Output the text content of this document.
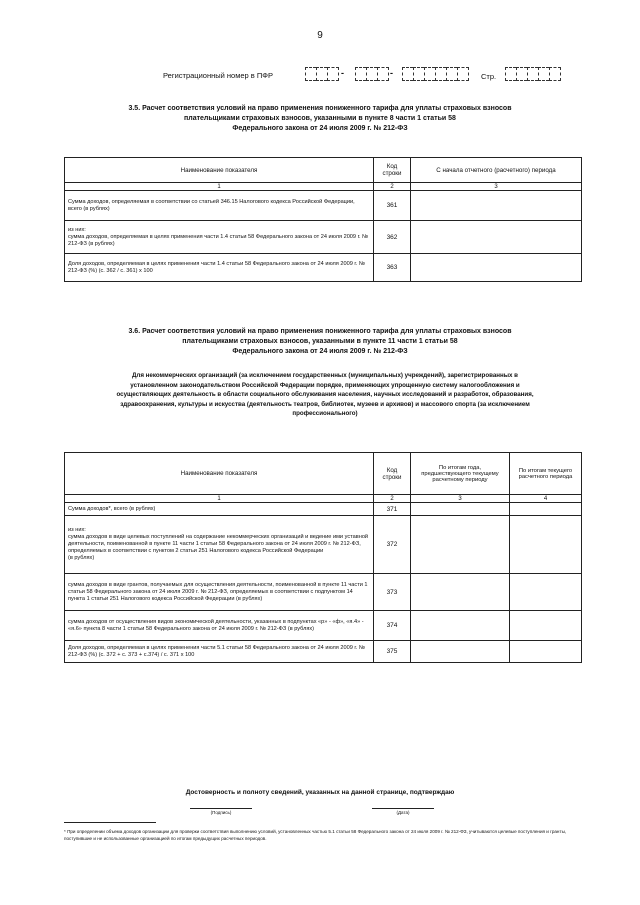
9
Регистрационный номер в ПФР	-	-	Стр.
3.5. Расчет соответствия условий на право применения пониженного тарифа для уплаты страховых взносов
плательщиками страховых взносов, указанными в пункте 8 части 1 статьи 58
Федерального закона от 24 июля 2009 г. № 212-ФЗ
Наименование показателя	Код строки	С начала отчетного (расчетного) периода
1	2	3
Сумма доходов, определяемая в соответствии со статьей 346.15 Налогового кодекса Российской Федерации, всего (в рублях)	361	
из них:
сумма доходов, определяемая в целях применения части 1.4 статьи 58 Федерального закона от 24 июля 2009 г. № 212-ФЗ (в рублях)	362	
Доля доходов, определяемая в целях применения части 1.4 статьи 58 Федерального закона от 24 июля 2009 г. № 212-ФЗ (%) (с. 362 / с. 361) х 100	363	
3.6. Расчет соответствия условий на право применения пониженного тарифа для уплаты страховых взносов
плательщиками страховых взносов, указанными в пункте 11 части 1 статьи 58
Федерального закона от 24 июля 2009 г. № 212-ФЗ
Для некоммерческих организаций (за исключением государственных (муниципальных) учреждений), зарегистрированных в
установленном законодательством Российской Федерации порядке, применяющих упрощенную систему налогообложения и
осуществляющих деятельность в области социального обслуживания населения, научных исследований и разработок, образования,
здравоохранения, культуры и искусства (деятельность театров, библиотек, музеев и архивов) и массового спорта (за исключением
профессионального)
Наименование показателя	Код строки	По итогам года, предшествующего текущему расчетному периоду	По итогам текущего расчетного периода
1	2	3	4
Сумма доходов*, всего (в рублях)	371		
из них:
сумма доходов в виде целевых поступлений на содержание некоммерческих организаций и ведение ими уставной деятельности, поименованной в пункте 11 части 1 статьи 58 Федерального закона от 24 июля 2009 г. № 212-ФЗ, определяемых в соответствии с пунктом 2 статьи 251 Налогового кодекса Российской Федерации
(в рублях)	372		
сумма доходов в виде грантов, получаемых для осуществления деятельности, поименованной в пункте 11 части 1 статьи 58 Федерального закона от 24 июля 2009 г. № 212-ФЗ, определяемых в соответствии с подпунктом 14 пункта 1 статьи 251 Налогового кодекса Российской Федерации (в рублях)	373		
сумма доходов от осуществления видов экономической деятельности, указанных в подпунктах «р» - «ф», «я.4» - «я.6» пункта 8 части 1 статьи 58 Федерального закона от 24 июля 2009 г. № 212-ФЗ (в рублях)	374		
Доля доходов, определяемая в целях применения части 5.1 статьи 58 Федерального закона от 24 июля 2009 г. № 212-ФЗ (%) (с. 372 + с. 373 + с.374) / с. 371 х 100	375		
Достоверность и полноту сведений, указанных на данной странице, подтверждаю
(Подпись)	(Дата)
* При определении объема доходов организации для проверки соответствия выполнению условий, установленных частью 5.1 статьи 58 Федерального закона от 24 июля 2009 г. № 212-ФЗ, учитываются целевые поступления и гранты, поступившие и не использованные организацией по итогам предыдущих расчетных периодов.
